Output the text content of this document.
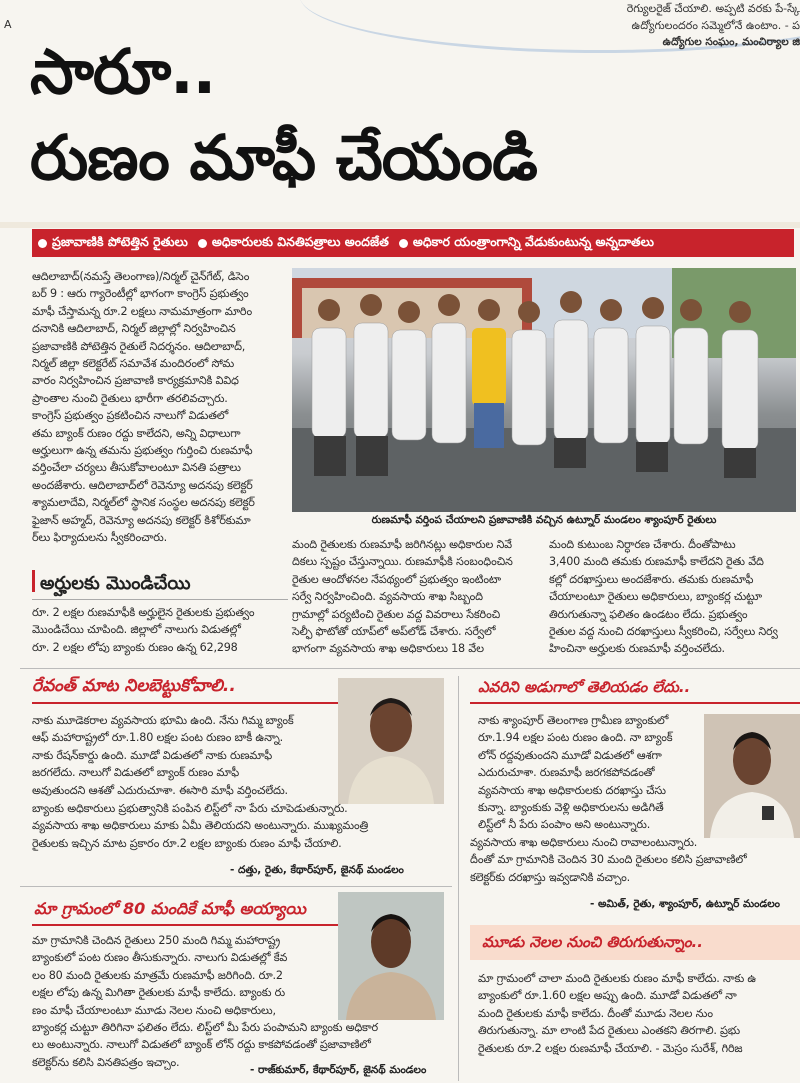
A
రెగ్యులరైజ్ చేయాలి. అప్పటి వరకు పే-స్కే
ఉద్యోగులందరం సమ్మెలోనే ఉంటాం. - ప
ఉద్యోగుల సంఘం, మంచిర్యాల జి
సారూ..
రుణం మాఫీ చేయండి
ప్రజావాణికి పోటెత్తిన రైతులు అధికారులకు వినతిపత్రాలు అందజేత అధికార యంత్రాంగాన్ని వేడుకుంటున్న అన్నదాతలు
ఆదిలాబాద్(నమస్తే తెలంగాణ)/నిర్మల్ చైన్‌గేట్, డిసెం
బర్ 9 : ఆరు గ్యారెంటీల్లో భాగంగా కాంగ్రెస్ ప్రభుత్వం
మాఫీ చేస్తామన్న రూ.2 లక్షలు నామమాత్రంగా మారిం
దనానికి ఆదిలాబాద్, నిర్మల్ జిల్లాల్లో నిర్వహించిన
ప్రజావాణికి పోటెత్తిన రైతులే నిదర్శనం. ఆదిలాబాద్,
నిర్మల్ జిల్లా కలెక్టరేట్ సమావేశ మందిరంలో సోమ
వారం నిర్వహించిన ప్రజావాణి కార్యక్రమానికి వివిధ
ప్రాంతాల నుంచి రైతులు భారీగా తరలివచ్చారు.
కాంగ్రెస్ ప్రభుత్వం ప్రకటించిన నాలుగో విడుతలో
తమ బ్యాంక్ రుణం రద్దు కాలేదని, అన్ని విధాలుగా
అర్హులుగా ఉన్న తమను ప్రభుత్వం గుర్తించి రుణమాఫీ
వర్తించేలా చర్యలు తీసుకోవాలంటూ వినతి పత్రాలు
అందజేశారు. ఆదిలాబాద్‌లో రెవెన్యూ అదనపు కలెక్టర్
శ్యామలాదేవి, నిర్మల్‌లో స్థానిక సంస్థల అదనపు కలెక్టర్
ఫైజాన్ అహ్మద్, రెవెన్యూ అదనపు కలెక్టర్ కిశోర్‌కుమా
ర్‌లు ఫిర్యాదులను స్వీకరించారు.
అర్హులకు మొండిచేయి
రూ. 2 లక్షల రుణమాఫీకి అర్హులైన రైతులకు ప్రభుత్వం
మొండిచేయి చూపింది. జిల్లాలో నాలుగు విడుతల్లో
రూ. 2 లక్షల లోపు బ్యాంకు రుణం ఉన్న 62,298
రుణమాఫీ వర్తింప చేయాలని ప్రజావాణికి వచ్చిన ఉట్నూర్ మండలం శ్యాంపూర్ రైతులు
మంది రైతులకు రుణమాఫీ జరిగినట్లు అధికారుల నివే
దికలు స్పష్టం చేస్తున్నాయి. రుణమాఫీకి సంబంధించిన
రైతుల ఆందోళనల నేపథ్యంలో ప్రభుత్వం ఇంటింటా
సర్వే నిర్వహించింది. వ్యవసాయ శాఖ సిబ్బంది
గ్రామాల్లో పర్యటించి రైతుల వద్ద వివరాలు సేకరించి
సెల్ఫీ ఫొటోతో యాప్‌లో అప్‌లోడ్ చేశారు. సర్వేలో
భాగంగా వ్యవసాయ శాఖ అధికారులు 18 వేల
మంది కుటుంబ నిర్ధారణ చేశారు. దీంతోపాటు
3,400 మంది తమకు రుణమాఫీ కాలేదని రైతు వేది
కల్లో దరఖాస్తులు అందజేశారు. తమకు రుణమాఫీ
చేయాలంటూ రైతులు అధికారులు, బ్యాంకర్ల చుట్టూ
తిరుగుతున్నా ఫలితం ఉండటం లేదు. ప్రభుత్వం
రైతుల వద్ద నుంచి దరఖాస్తులు స్వీకరించి, సర్వేలు నిర్వ
హించినా అర్హులకు రుణమాఫీ వర్తించలేదు.
రేవంత్ మాట నిలబెట్టుకోవాలి..
నాకు మూడెకరాల వ్యవసాయ భూమి ఉంది. నేను గిమ్మ బ్యాంక్
ఆఫ్ మహారాష్ట్రలో రూ.1.80 లక్షల పంట రుణం బాకీ ఉన్నా.
నాకు రేషన్‌కార్డు ఉంది. మూడో విడుతలో నాకు రుణమాఫీ
జరగలేదు. నాలుగో విడుతలో బ్యాంక్ రుణం మాఫీ
అవుతుందని ఆశతో ఎదురుచూశా. ఈసారి మాఫీ వర్తించలేదు.
బ్యాంకు అధికారులు ప్రభుత్వానికి పంపిన లిస్ట్‌లో నా పేరు చూపెడుతున్నారు.
వ్యవసాయ శాఖ అధికారులు మాకు ఏమీ తెలియదని అంటున్నారు. ముఖ్యమంత్రి
రైతులకు ఇచ్చిన మాట ప్రకారం రూ.2 లక్షల బ్యాంకు రుణం మాఫీ చేయాలి.
- దత్తు, రైతు, కేథార్‌పూర్, జైనథ్ మండలం
ఎవరిని అడుగాలో తెలియడం లేదు..
నాకు శ్యాంపూర్ తెలంగాణ గ్రామీణ బ్యాంకులో
రూ.1.94 లక్షల పంట రుణం ఉంది. నా బ్యాంక్
లోన్ రద్దవుతుందని మూడో విడుతలో ఆశగా
ఎదురుచూశా. రుణమాఫీ జరగకపోవడంతో
వ్యవసాయ శాఖ అధికారులకు దరఖాస్తు చేసు
కున్నా. బ్యాంకుకు వెళ్లి అధికారులను అడిగితే
లిస్ట్‌లో నీ పేరు పంపాం అని అంటున్నారు.
వ్యవసాయ శాఖ అధికారులు నుంచి రావాలంటున్నారు.
దీంతో మా గ్రామానికి చెందిన 30 మంది రైతులం కలిసి ప్రజావాణిలో
కలెక్టర్‌కు దరఖాస్తు ఇవ్వడానికి వచ్చాం.
- అమిత్, రైతు, శ్యాంపూర్, ఉట్నూర్ మండలం
మా గ్రామంలో 80 మందికే మాఫీ అయ్యాయి
మా గ్రామానికి చెందిన రైతులు 250 మంది గిమ్మ మహారాష్ట్ర
బ్యాంకులో పంట రుణం తీసుకున్నారు. నాలుగు విడుతల్లో కేవ
లం 80 మంది రైతులకు మాత్రమే రుణమాఫీ జరిగింది. రూ.2
లక్షల లోపు ఉన్న మిగితా రైతులకు మాఫీ కాలేదు. బ్యాంకు రు
ణం మాఫీ చేయాలంటూ మూడు నెలల నుంచి అధికారులు,
బ్యాంకర్ల చుట్టూ తిరిగినా ఫలితం లేదు. లిస్ట్‌లో మీ పేరు పంపామని బ్యాంకు అధికార
లు అంటున్నారు. నాలుగో విడుతలో బ్యాంక్ లోన్ రద్దు కాకపోవడంతో ప్రజావాణిలో
కలెక్టర్‌ను కలిసి వినతిపత్రం ఇచ్చాం.
- రాజ్‌కుమార్, కేథార్‌పూర్, జైనథ్ మండలం
మూడు నెలల నుంచి తిరుగుతున్నాం..
మా గ్రామంలో చాలా మంది రైతులకు రుణం మాఫీ కాలేదు. నాకు ఉ
బ్యాంకులో రూ.1.60 లక్షల అప్పు ఉంది. మూడో విడుతలో నా
మంది రైతులకు మాఫీ కాలేదు. దీంతో మూడు నెలల నుం
తిరుగుతున్నా. మా లాంటి పేద రైతులు ఎంతకని తిరగాలి. ప్రభు
రైతులకు రూ.2 లక్షల రుణమాఫీ చేయాలి. - మెస్రం సురేశ్, గిరిజ
